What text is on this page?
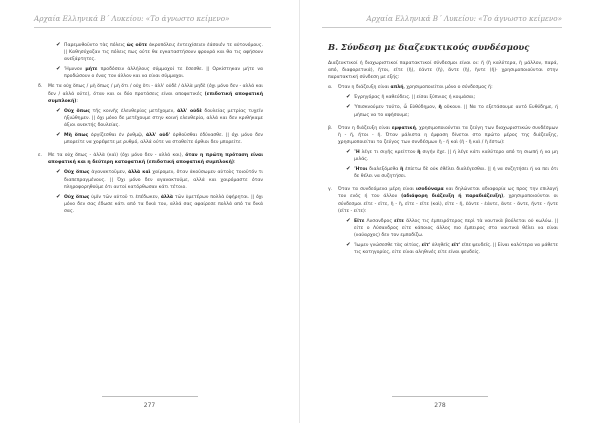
Αρχαία Ελληνικά Β΄ Λυκείου: «Το άγνωστο κείμενο»
✔ Παρεμυθοῦντο τὰς πόλεις ὡς οὔτε ἀκροπόλεις ἐντειχίσειεν ἐάσοιέν τε αὐτονόμους. || Καθησύχαζαν τις πόλεις πως ούτε θα εγκαταστήσουν φρουρά και θα τις αφήσουν ανεξάρτητες.
✔ Ἤμυνον μήτε προδόσειν ἀλλήλους σύμμαχοί τε ἔσεσθε. || Ορκίστηκαν μήτε να προδώσουν ο ένας τον άλλον και να είναι σύμμαχοι.
δ.	Με τα οὐχ ὅπως / μὴ ὅπως / μὴ ὅτι / οὐχ ὅτι - ἀλλ' οὐδὲ / ἀλλὰ μηδὲ (όχι μόνο δεν - αλλά και δεν / αλλά ούτε), όταν και οι δύο προτάσεις είναι αποφατικές (επιδοτική αποφατική συμπλοκή):
✔ Οὐχ ὅπως τῆς κοινῆς ἐλευθερίας μετέχομεν, ἀλλ' οὐδὲ δουλείας μετρίας τυχεῖν ἠξιώθημεν. || όχι μόνο δε μετέχουμε στην κοινή ελευθερία, αλλά και δεν κρ​ιθήκαμε άξιοι ανεκτής δουλείας.
✔ Μὴ ὅπως ὀργίζεσθαι ἐν ῥυθμῷ, ἀλλ' οὐδ' ὀρθοῦσθαι ἐδύνασθε. || όχι μόνο δεν μπορείτε να χορέψετε με ρυθμό, αλλά ούτε να σταθείτε όρθιοι δεν μπορείτε.
ε.	Με τα οὐχ ὅπως - ἀλλὰ (καὶ) (όχι μόνο δεν - αλλά και), όταν η πρώτη πρόταση είναι αποφατική και η δεύτερη καταφατική (επιδοτική αποφατική συμπλοκή):
✔ Οὐχ ὅπως ἀγανακτοῦμεν, ἀλλὰ καὶ χαίρομεν, ὅταν ἀκούσωμεν αὐτοὺς τοιοῦτόν τι διαπεπραγμένους. || Όχι μόνο δεν αγανακτούμε, αλλά και χαιρόμαστε όταν πληροφορηθούμε ότι αυτοί κατόρθωσαν κάτι τέτοιο.
✔ Οὐχ ὅπως ὑμῖν τῶν αὐτοῦ τι ἐπέδωκεν, ἀλλὰ τῶν ὑμετέρων πολλὰ ὑφήρηται. || όχι μόνο δεν σας έδωσε κάτι από τα δικά του, αλλά σας αφαίρεσε πολλά από τα δικά σας.
277
Αρχαία Ελληνικά Β΄ Λυκείου: «Το άγνωστο κείμενο»
Β. Σύνδεση με διαζευκτικούς συνδέσμους
Διαζευκτικοί ή διαχωριστικοί παρατακτικοί σύνδεσμοι είναι οι: ἤ (ἢ καλύτερα, ἢ μάλλον, παρά, από, διαφορετικά), ἤτοι, εἴτε (ἤ), ἐάντε (ἤ), ἄντε (ἤ), ἤντε (ἤ)· χρησιμοποιούνται στην παρατακτική σύνδεση με εξής:
α.	Όταν η διάζευξη είναι απλή, χρησιμοποιείται μόνο ο σύνδεσμος ἤ:
✔ Ἐγρηγόρας ἢ καθεύδεις. || είσαι ξύπνιος ή κοιμάσαι;
✔ Ὑπισκνούμεν τούτο, ὦ Εὐθύδημον, ἢ οὔκουν. || Να το εξετάσουμε αυτό Ευθύδημε, ή μήπως να το αφήσουμε;
β.	Όταν η διάζευξη είναι εμφατική, χρησιμοποιούνται τα ζεύγη των διαχωριστικών συνδέσμων ἢ - ἤ, ἤτοι - ἤ. Όταν μάλιστα η έμφαση δίνεται στο πρώτο μέρος της διάζευξης, χρησιμοποιείται το ζεύγος των συνδέσμων ἤ - ἤ καὶ (ἢ - ἢ καὶ / ἢ ἔστω):
✔ Ἢ λέγε τι σιγῆς κρείττον ἢ σιγήν ἔχε. || ή λέγε κάτι καλύτερο από τη σιωπή ή να μη μιλάς.
✔ Ἤτοι διαλεξόμεθα ἢ ἐπίετω δὲ οὐκ ἐθέλει διαλέγεσθαι. || ή να συζητήσει ή να πει ότι δε θέλει να συζητήσει.
γ.	Όταν τα συνδεόμενα μέρη είναι ισοδύναμα και δηλώνεται αδιαφορία ως προς την επιλογή του ενός ή του άλλου (αδιάφορη διάζευξη ή παραδιάζευξη), χρησιμοποιούνται οι σύνδεσμοι εἴτε - εἴτε, ἢ - ἢ, εἴτε - εἴτε (καὶ), εἴτε - ἤ, ἐάντε - ἐάντε, ἄντε - ἄντε, ἤντε - ἤντε (εἴτε - είτε):
✔ Εἴτε Λυσανδρος εἴτε ἄλλος τις ἐμπειρότερος περὶ τὰ ναυτικὰ βούλεται οὐ κωλύω. || είτε ο Λύσανδρος είτε κάποιος άλλος πιο έμπειρος στα ναυτικά θέλει να είναι (ναύαρχος) δεν τον εμποδίζω.
✔ Ἴωμεν γνώσεσθε τὰς αἰτίας, εἴτ' ἀληθεῖς εἴτ' εἴπε ψευδεῖς. || Είναι καλύτερα να μάθετε τις κατηγορίες, είτε είναι αληθινές είτε είναι ψευδείς.
278
